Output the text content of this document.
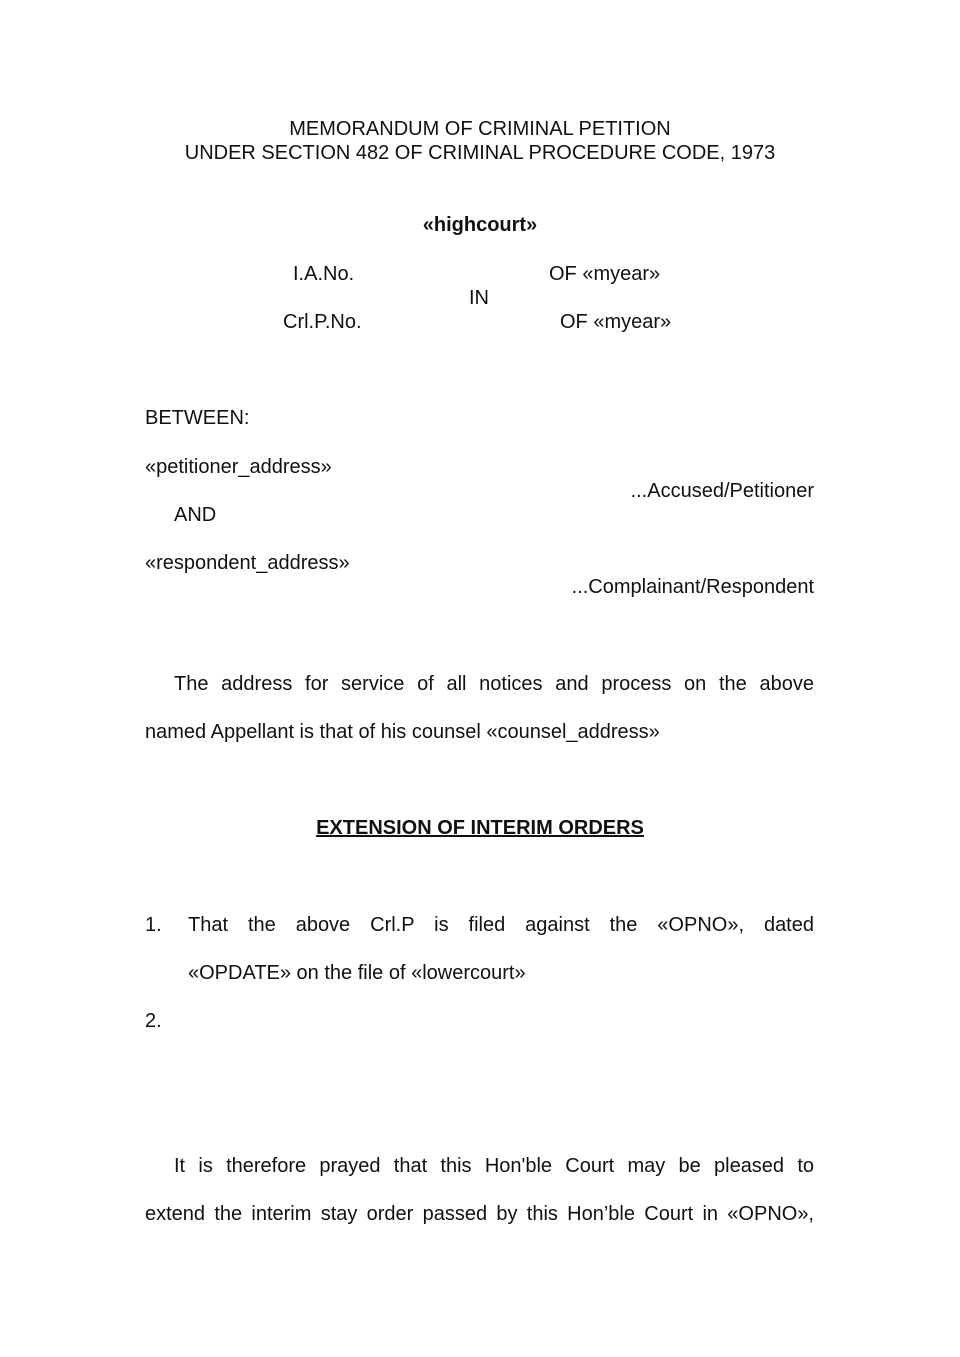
MEMORANDUM OF CRIMINAL PETITION
UNDER SECTION 482 OF CRIMINAL PROCEDURE CODE, 1973
«highcourt»
I.A.No.	OF «myear»
IN
Crl.P.No.	OF «myear»
BETWEEN:
«petitioner_address»
...Accused/Petitioner
AND
«respondent_address»
...Complainant/Respondent
The address for service of all notices and process on the above
named Appellant is that of his counsel «counsel_address»
EXTENSION OF INTERIM ORDERS
1. That the above Crl.P is filed against the «OPNO», dated
«OPDATE» on the file of «lowercourt»
2.
It is therefore prayed that this Hon'ble Court may be pleased to
extend the interim stay order passed by this Hon’ble Court in «OPNO»,
